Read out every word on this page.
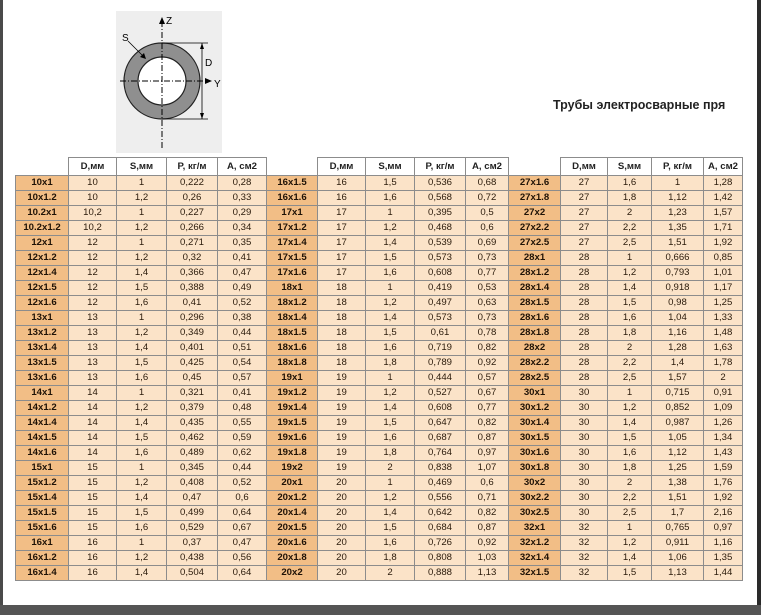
S
Z
D
Y
Трубы электросварные пря
	D,мм	S,мм	P, кг/м	A, см2		D,мм	S,мм	P, кг/м	A, см2		D,мм	S,мм	P, кг/м	A, см2
10x1	10	1	0,222	0,28	16x1.5	16	1,5	0,536	0,68	27x1.6	27	1,6	1	1,28
10x1.2	10	1,2	0,26	0,33	16x1.6	16	1,6	0,568	0,72	27x1.8	27	1,8	1,12	1,42
10.2x1	10,2	1	0,227	0,29	17x1	17	1	0,395	0,5	27x2	27	2	1,23	1,57
10.2x1.2	10,2	1,2	0,266	0,34	17x1.2	17	1,2	0,468	0,6	27x2.2	27	2,2	1,35	1,71
12x1	12	1	0,271	0,35	17x1.4	17	1,4	0,539	0,69	27x2.5	27	2,5	1,51	1,92
12x1.2	12	1,2	0,32	0,41	17x1.5	17	1,5	0,573	0,73	28x1	28	1	0,666	0,85
12x1.4	12	1,4	0,366	0,47	17x1.6	17	1,6	0,608	0,77	28x1.2	28	1,2	0,793	1,01
12x1.5	12	1,5	0,388	0,49	18x1	18	1	0,419	0,53	28x1.4	28	1,4	0,918	1,17
12x1.6	12	1,6	0,41	0,52	18x1.2	18	1,2	0,497	0,63	28x1.5	28	1,5	0,98	1,25
13x1	13	1	0,296	0,38	18x1.4	18	1,4	0,573	0,73	28x1.6	28	1,6	1,04	1,33
13x1.2	13	1,2	0,349	0,44	18x1.5	18	1,5	0,61	0,78	28x1.8	28	1,8	1,16	1,48
13x1.4	13	1,4	0,401	0,51	18x1.6	18	1,6	0,719	0,82	28x2	28	2	1,28	1,63
13x1.5	13	1,5	0,425	0,54	18x1.8	18	1,8	0,789	0,92	28x2.2	28	2,2	1,4	1,78
13x1.6	13	1,6	0,45	0,57	19x1	19	1	0,444	0,57	28x2.5	28	2,5	1,57	2
14x1	14	1	0,321	0,41	19x1.2	19	1,2	0,527	0,67	30x1	30	1	0,715	0,91
14x1.2	14	1,2	0,379	0,48	19x1.4	19	1,4	0,608	0,77	30x1.2	30	1,2	0,852	1,09
14x1.4	14	1,4	0,435	0,55	19x1.5	19	1,5	0,647	0,82	30x1.4	30	1,4	0,987	1,26
14x1.5	14	1,5	0,462	0,59	19x1.6	19	1,6	0,687	0,87	30x1.5	30	1,5	1,05	1,34
14x1.6	14	1,6	0,489	0,62	19x1.8	19	1,8	0,764	0,97	30x1.6	30	1,6	1,12	1,43
15x1	15	1	0,345	0,44	19x2	19	2	0,838	1,07	30x1.8	30	1,8	1,25	1,59
15x1.2	15	1,2	0,408	0,52	20x1	20	1	0,469	0,6	30x2	30	2	1,38	1,76
15x1.4	15	1,4	0,47	0,6	20x1.2	20	1,2	0,556	0,71	30x2.2	30	2,2	1,51	1,92
15x1.5	15	1,5	0,499	0,64	20x1.4	20	1,4	0,642	0,82	30x2.5	30	2,5	1,7	2,16
15x1.6	15	1,6	0,529	0,67	20x1.5	20	1,5	0,684	0,87	32x1	32	1	0,765	0,97
16x1	16	1	0,37	0,47	20x1.6	20	1,6	0,726	0,92	32x1.2	32	1,2	0,911	1,16
16x1.2	16	1,2	0,438	0,56	20x1.8	20	1,8	0,808	1,03	32x1.4	32	1,4	1,06	1,35
16x1.4	16	1,4	0,504	0,64	20x2	20	2	0,888	1,13	32x1.5	32	1,5	1,13	1,44
